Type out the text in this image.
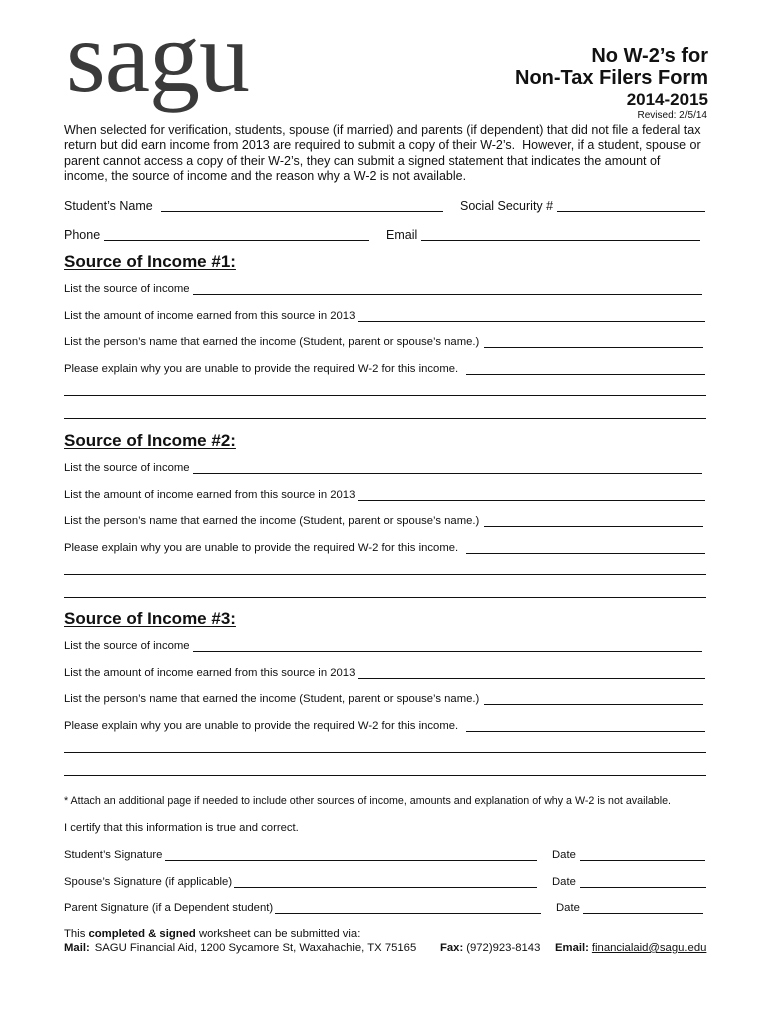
sagu	No W-2’s for
Non-Tax Filers Form
2014-2015
Revised: 2/5/14
When selected for verification, students, spouse (if married) and parents (if dependent) that did not file a federal tax
return but did earn income from 2013 are required to submit a copy of their W-2’s.  However, if a student, spouse or
parent cannot access a copy of their W-2’s, they can submit a signed statement that indicates the amount of
income, the source of income and the reason why a W-2 is not available.
Student’s Name	Social Security #
Phone	Email
Source of Income #1:
List the source of income
List the amount of income earned from this source in 2013
List the person’s name that earned the income (Student, parent or spouse’s name.)
Please explain why you are unable to provide the required W-2 for this income.
Source of Income #2:
List the source of income
List the amount of income earned from this source in 2013
List the person’s name that earned the income (Student, parent or spouse’s name.)
Please explain why you are unable to provide the required W-2 for this income.
Source of Income #3:
List the source of income
List the amount of income earned from this source in 2013
List the person’s name that earned the income (Student, parent or spouse’s name.)
Please explain why you are unable to provide the required W-2 for this income.
* Attach an additional page if needed to include other sources of income, amounts and explanation of why a W-2 is not available.
I certify that this information is true and correct.
Student’s Signature	Date
Spouse’s Signature (if applicable)	Date
Parent Signature (if a Dependent student)	Date
This completed & signed worksheet can be submitted via:
Mail: SAGU Financial Aid, 1200 Sycamore St, Waxahachie, TX 75165 Fax: (972)923-8143 Email: financialaid@sagu.edu
